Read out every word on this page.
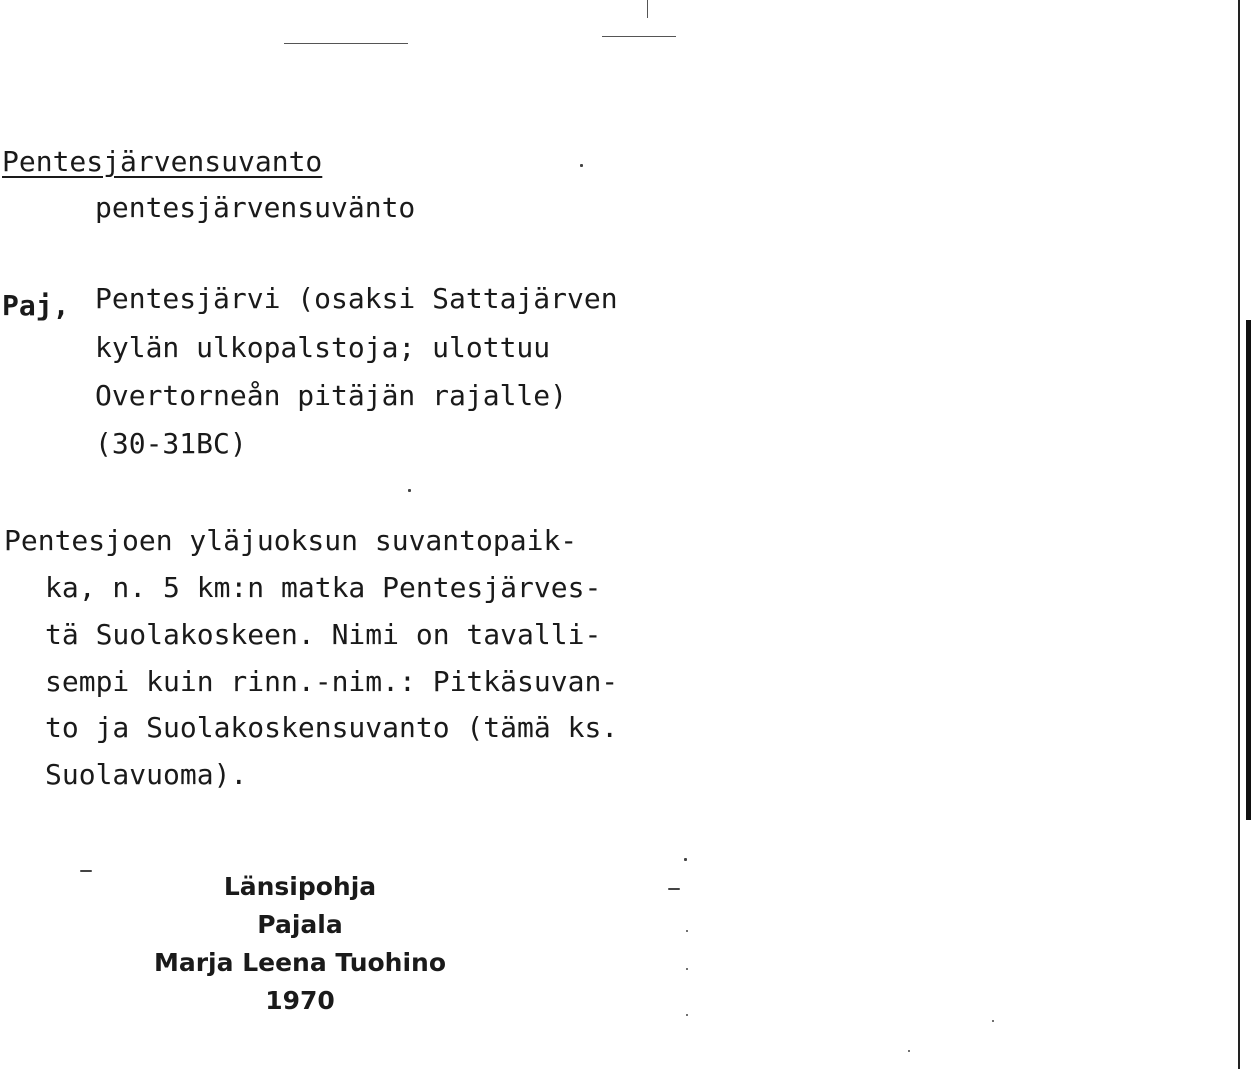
Pentesjärvensuvanto
pentesjärvensuvänto
Paj, Pentesjärvi (osaksi Sattajärven
kylän ulkopalstoja; ulottuu
Overtorneån pitäjän rajalle)
(30-31BC)
Pentesjoen yläjuoksun suvantopaik-
ka, n. 5 km:n matka Pentesjärves-
tä Suolakoskeen. Nimi on tavalli-
sempi kuin rinn.-nim.: Pitkäsuvan-
to ja Suolakoskensuvanto (tämä ks.
Suolavuoma).
Länsipohja
Pajala
Marja Leena Tuohino
1970
